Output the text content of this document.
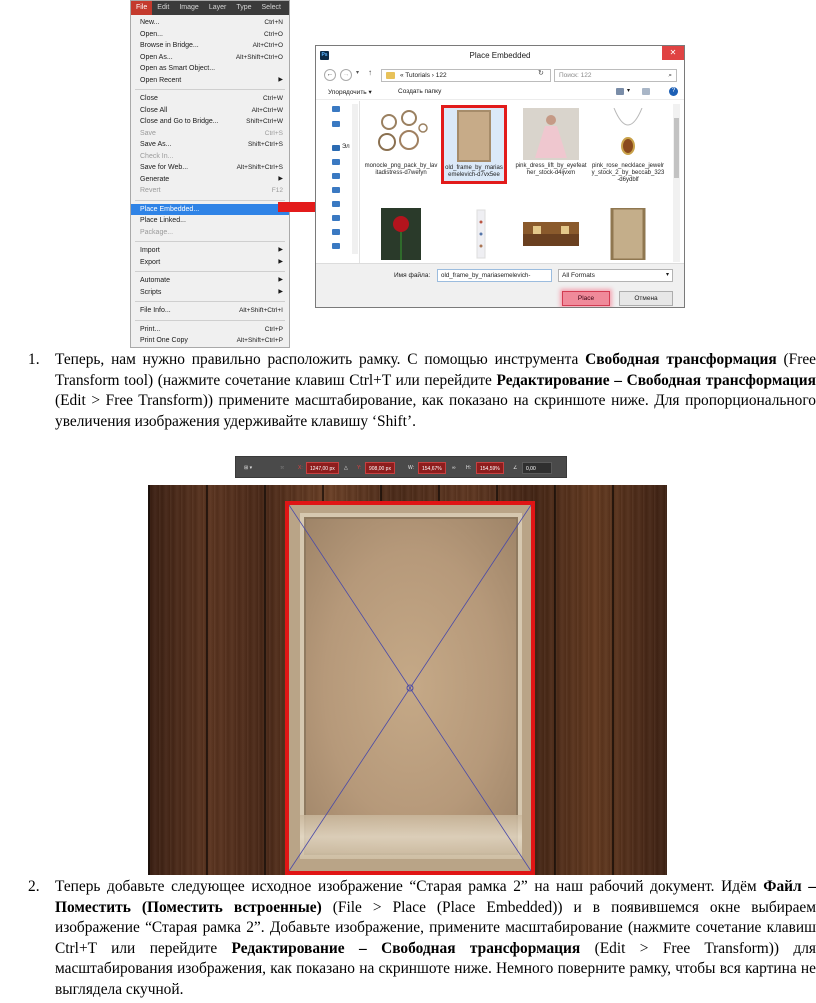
File	Edit	Image	Layer	Type	Select
New...	Ctrl+N
Open...	Ctrl+O
Browse in Bridge...	Alt+Ctrl+O
Open As...	Alt+Shift+Ctrl+O
Open as Smart Object...
Open Recent	▶
Close	Ctrl+W
Close All	Alt+Ctrl+W
Close and Go to Bridge...	Shift+Ctrl+W
Save	Ctrl+S
Save As...	Shift+Ctrl+S
Check In...
Save for Web...	Alt+Shift+Ctrl+S
Generate	▶
Revert	F12
Place Embedded...
Place Linked...
Package...
Import	▶
Export	▶
Automate	▶
Scripts	▶
File Info...	Alt+Shift+Ctrl+I
Print...	Ctrl+P
Print One Copy	Alt+Shift+Ctrl+P
Ps	Place Embedded	✕
←	→	▾ ↑	« Tutorials › 122	↻	Поиск: 122	⌕
Упорядочить ▾	Создать папку	▾	?
Эл
monocle_png_pack_by_lavitadistress-d7wefyn
old_frame_by_mariasemelevich-d7vx5ee
pink_dress_lift_by_eyefeather_stock-d4ijvxm
pink_rose_necklace_jewelry_stock_2_by_beccab_323-d6ydblf
Имя файла:	old_frame_by_mariasemelevich-	All Formats	▾
Place	Отмена
1. Теперь, нам нужно правильно расположить рамку. С помощью инструмента Свободная трансформация (Free Transform tool) (нажмите сочетание клавиш Ctrl+T или перейдите Редактирование – Свободная трансформация (Edit > Free Transform)) примените масштабирование, как показано на скриншоте ниже. Для пропорционального увеличения изображения удерживайте клавишу ‘Shift’.
⊞ ▾	⁙	X:	1247,00 px	△ Y:	908,00 px	W:	154,67%	∞ H:	154,59%	∠	0,00
2. Теперь добавьте следующее исходное изображение “Старая рамка 2” на наш рабочий документ. Идём Файл – Поместить (Поместить встроенные) (File > Place (Place Embedded)) и в появившемся окне выбираем изображение “Старая рамка 2”. Добавьте изображение, примените масштабирование (нажмите сочетание клавиш Ctrl+T или перейдите Редактирование – Свободная трансформация (Edit > Free Transform)) для масштабирования изображения, как показано на скриншоте ниже. Немного поверните рамку, чтобы вся картина не выглядела скучной.
